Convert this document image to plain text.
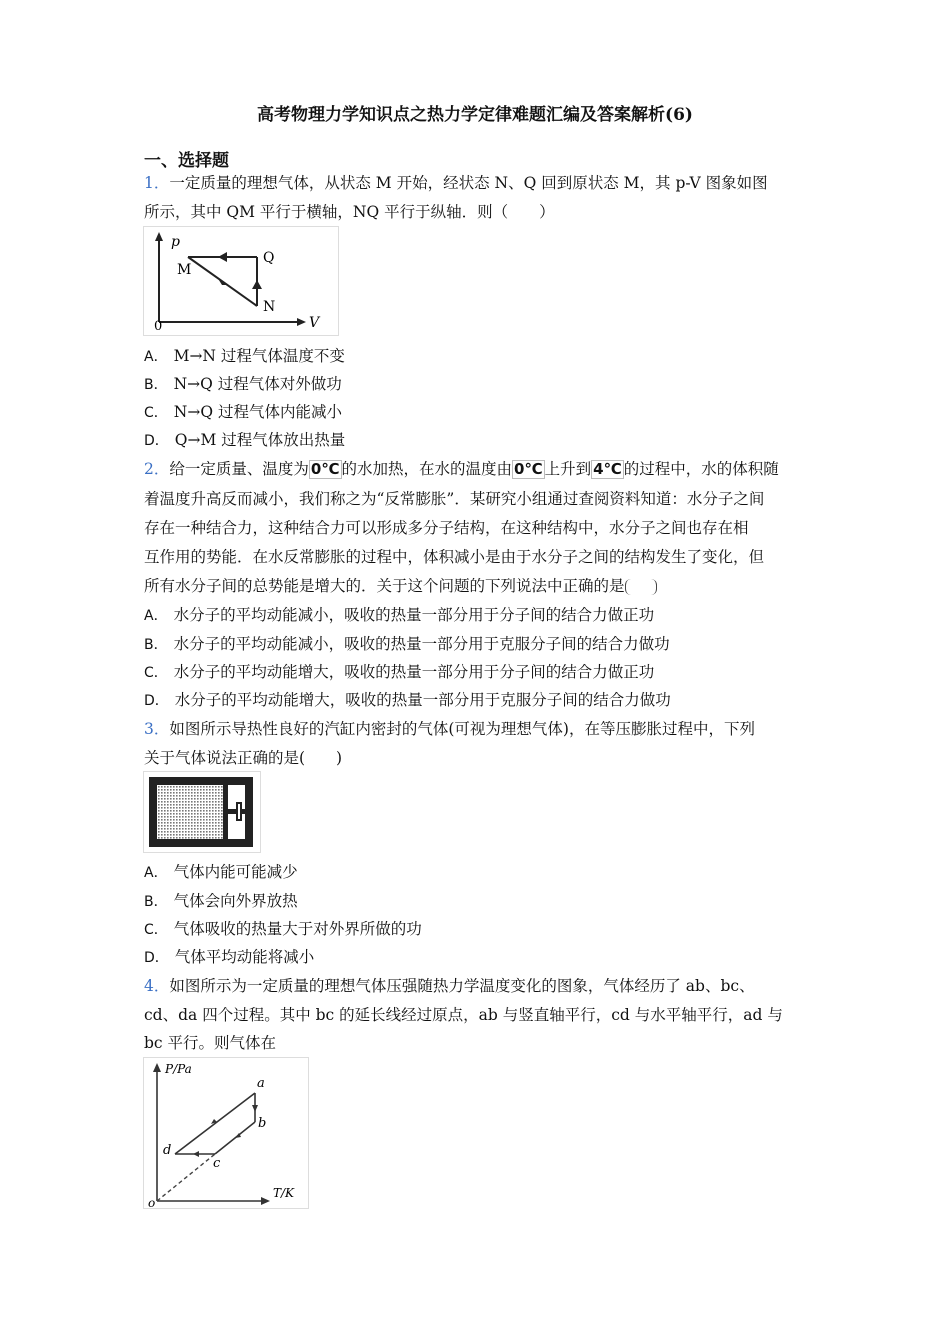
高考物理力学知识点之热力学定律难题汇编及答案解析(6)
一、选择题
1．一定质量的理想气体，从状态 M 开始，经状态 N、Q 回到原状态 M，其 p-V 图象如图
所示，其中 QM 平行于横轴，NQ 平行于纵轴．则（　　）
p
V
0
M
Q
N
A． M→N 过程气体温度不变
B． N→Q 过程气体对外做功
C． N→Q 过程气体内能减小
D． Q→M 过程气体放出热量
2．给一定质量、温度为 0℃ 的水加热，在水的温度由 0℃ 上升到 4℃ 的过程中，水的体积随
着温度升高反而减小，我们称之为“反常膨胀”．某研究小组通过查阅资料知道：水分子之间
存在一种结合力，这种结合力可以形成多分子结构，在这种结构中，水分子之间也存在相
互作用的势能．在水反常膨胀的过程中，体积减小是由于水分子之间的结构发生了变化，但
所有水分子间的总势能是增大的．关于这个问题的下列说法中正确的是
A． 水分子的平均动能减小，吸收的热量一部分用于分子间的结合力做正功
B． 水分子的平均动能减小，吸收的热量一部分用于克服分子间的结合力做功
C． 水分子的平均动能增大，吸收的热量一部分用于分子间的结合力做正功
D． 水分子的平均动能增大，吸收的热量一部分用于克服分子间的结合力做功
3．如图所示导热性良好的汽缸内密封的气体(可视为理想气体)，在等压膨胀过程中，下列
关于气体说法正确的是(　　)
A． 气体内能可能减少
B． 气体会向外界放热
C． 气体吸收的热量大于对外界所做的功
D． 气体平均动能将减小
4．如图所示为一定质量的理想气体压强随热力学温度变化的图象，气体经历了 ab、bc、
cd、da 四个过程。其中 bc 的延长线经过原点，ab 与竖直轴平行，cd 与水平轴平行，ad 与
bc 平行。则气体在
P/Pa
T/K
o
a
b
c
d
